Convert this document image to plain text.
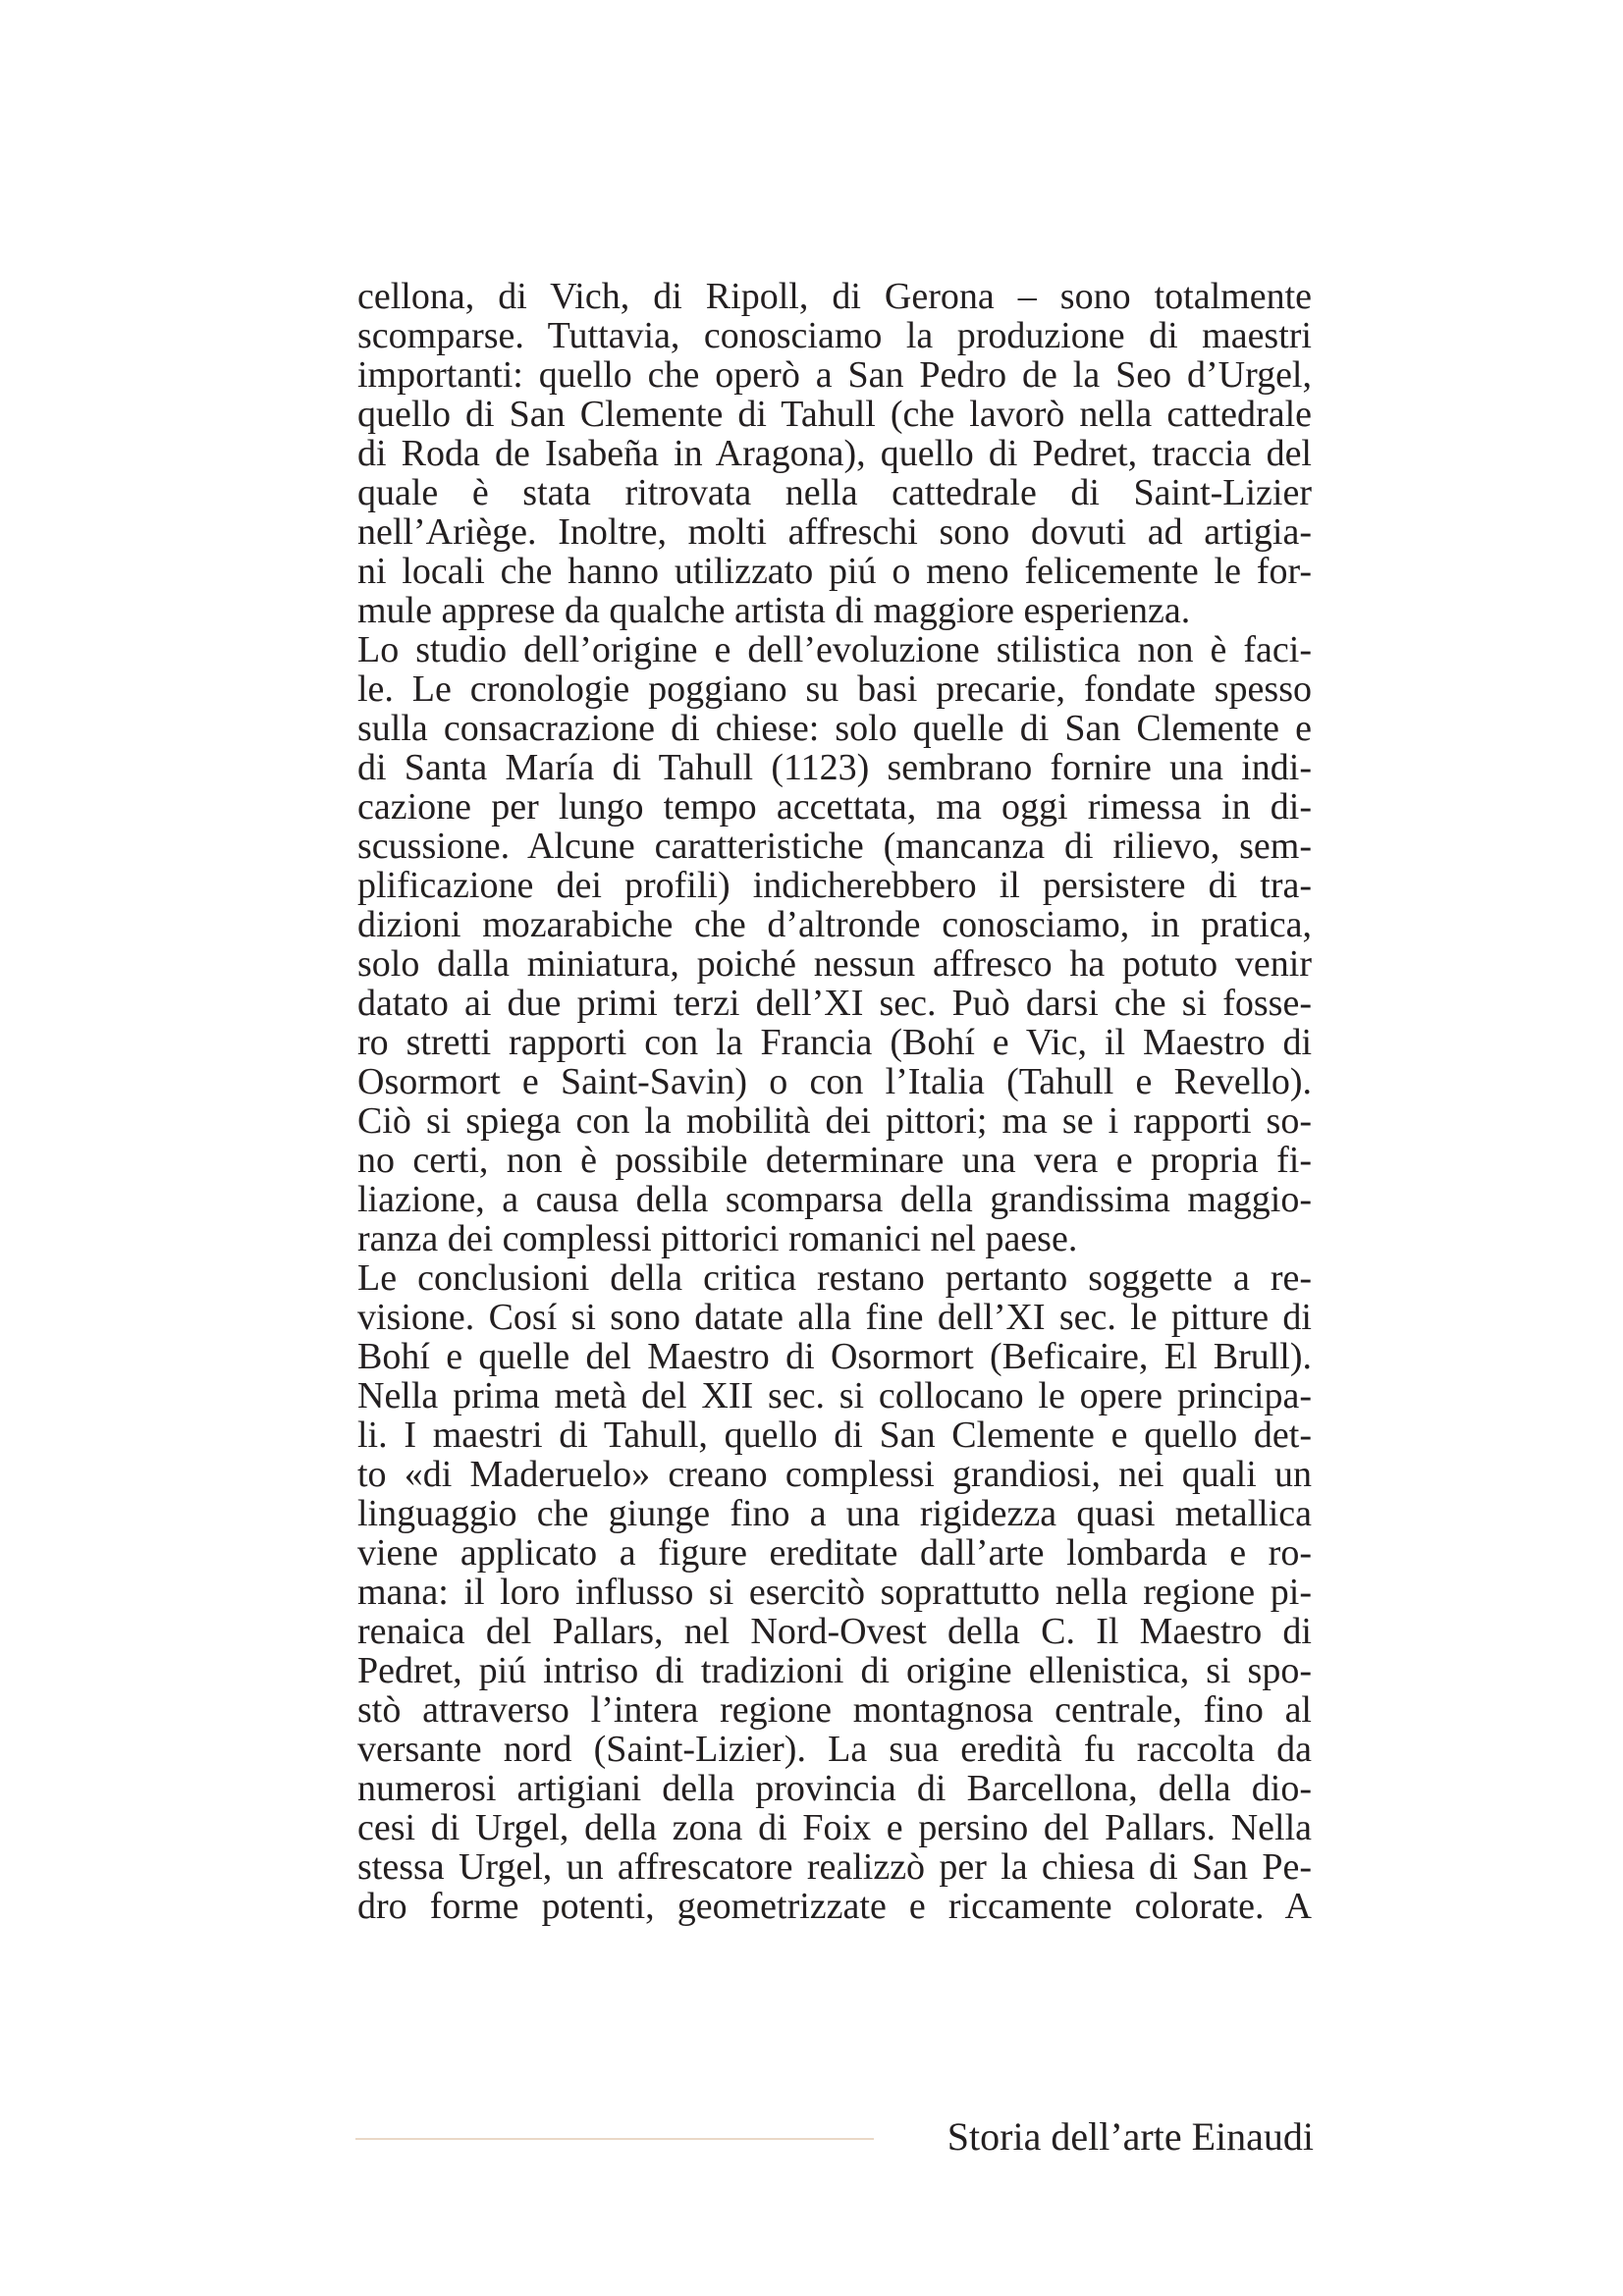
cellona, di Vich, di Ripoll, di Gerona – sono totalmente
scomparse. Tuttavia, conosciamo la produzione di maestri
importanti: quello che operò a San Pedro de la Seo d’Urgel,
quello di San Clemente di Tahull (che lavorò nella cattedrale
di Roda de Isabeña in Aragona), quello di Pedret, traccia del
quale è stata ritrovata nella cattedrale di Saint-Lizier
nell’Ariège. Inoltre, molti affreschi sono dovuti ad artigia-
ni locali che hanno utilizzato piú o meno felicemente le for-
mule apprese da qualche artista di maggiore esperienza.
Lo studio dell’origine e dell’evoluzione stilistica non è faci-
le. Le cronologie poggiano su basi precarie, fondate spesso
sulla consacrazione di chiese: solo quelle di San Clemente e
di Santa María di Tahull (1123) sembrano fornire una indi-
cazione per lungo tempo accettata, ma oggi rimessa in di-
scussione. Alcune caratteristiche (mancanza di rilievo, sem-
plificazione dei profili) indicherebbero il persistere di tra-
dizioni mozarabiche che d’altronde conosciamo, in pratica,
solo dalla miniatura, poiché nessun affresco ha potuto venir
datato ai due primi terzi dell’XI sec. Può darsi che si fosse-
ro stretti rapporti con la Francia (Bohí e Vic, il Maestro di
Osormort e Saint-Savin) o con l’Italia (Tahull e Revello).
Ciò si spiega con la mobilità dei pittori; ma se i rapporti so-
no certi, non è possibile determinare una vera e propria fi-
liazione, a causa della scomparsa della grandissima maggio-
ranza dei complessi pittorici romanici nel paese.
Le conclusioni della critica restano pertanto soggette a re-
visione. Cosí si sono datate alla fine dell’XI sec. le pitture di
Bohí e quelle del Maestro di Osormort (Beficaire, El Brull).
Nella prima metà del XII sec. si collocano le opere principa-
li. I maestri di Tahull, quello di San Clemente e quello det-
to «di Maderuelo» creano complessi grandiosi, nei quali un
linguaggio che giunge fino a una rigidezza quasi metallica
viene applicato a figure ereditate dall’arte lombarda e ro-
mana: il loro influsso si esercitò soprattutto nella regione pi-
renaica del Pallars, nel Nord-Ovest della C. Il Maestro di
Pedret, piú intriso di tradizioni di origine ellenistica, si spo-
stò attraverso l’intera regione montagnosa centrale, fino al
versante nord (Saint-Lizier). La sua eredità fu raccolta da
numerosi artigiani della provincia di Barcellona, della dio-
cesi di Urgel, della zona di Foix e persino del Pallars. Nella
stessa Urgel, un affrescatore realizzò per la chiesa di San Pe-
dro forme potenti, geometrizzate e riccamente colorate. A
Storia dell’arte Einaudi
